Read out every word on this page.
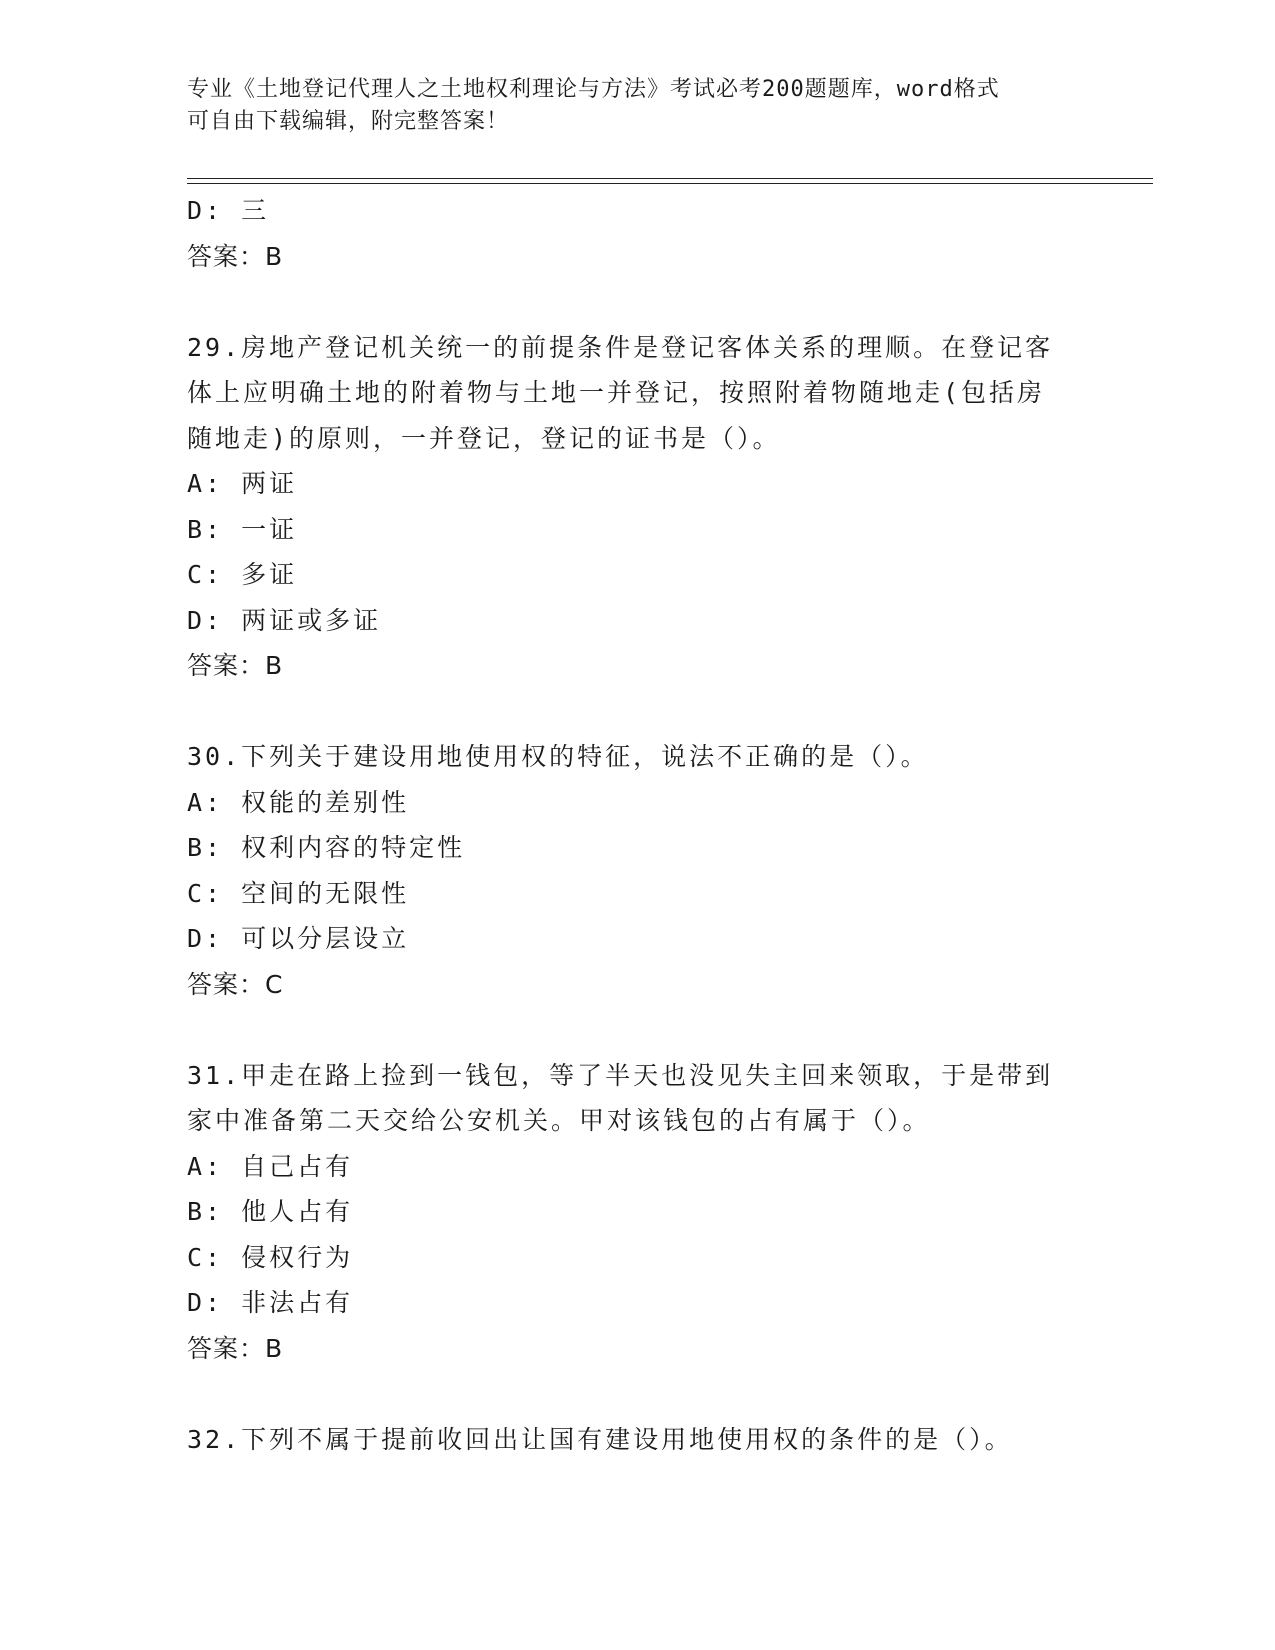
专业《土地登记代理人之土地权利理论与方法》考试必考200题题库，word格式
可自由下载编辑，附完整答案！
D: 三
答案：B
29.房地产登记机关统一的前提条件是登记客体关系的理顺。在登记客
体上应明确土地的附着物与土地一并登记，按照附着物随地走(包括房
随地走)的原则，一并登记，登记的证书是（）。
A: 两证
B: 一证
C: 多证
D: 两证或多证
答案：B
30.下列关于建设用地使用权的特征，说法不正确的是（）。
A: 权能的差别性
B: 权利内容的特定性
C: 空间的无限性
D: 可以分层设立
答案：C
31.甲走在路上捡到一钱包，等了半天也没见失主回来领取，于是带到
家中准备第二天交给公安机关。甲对该钱包的占有属于（）。
A: 自己占有
B: 他人占有
C: 侵权行为
D: 非法占有
答案：B
32.下列不属于提前收回出让国有建设用地使用权的条件的是（）。
